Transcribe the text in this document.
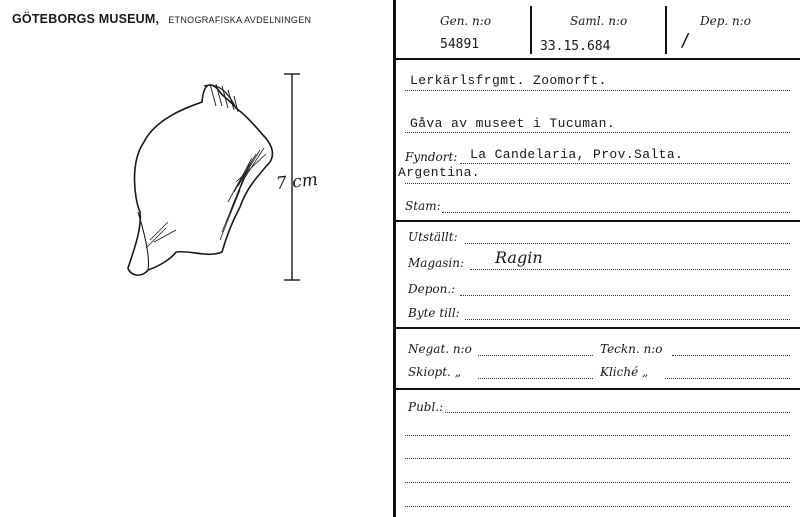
GÖTEBORGS MUSEUM, ETNOGRAFISKA AVDELNINGEN
7 cm
Gen. n:o
54891
Saml. n:o
33.15.684
Dep. n:o
/
Lerkärlsfrgmt. Zoomorft.
Gåva av museet i Tucuman.
Fyndort: La Candelaria, Prov.Salta.
Argentina.
Stam:
Utställt:
Magasin: Ragin
Depon.:
Byte till:
Negat. n:o	Teckn. n:o
Skiopt. „	Kliché „
Publ.:
